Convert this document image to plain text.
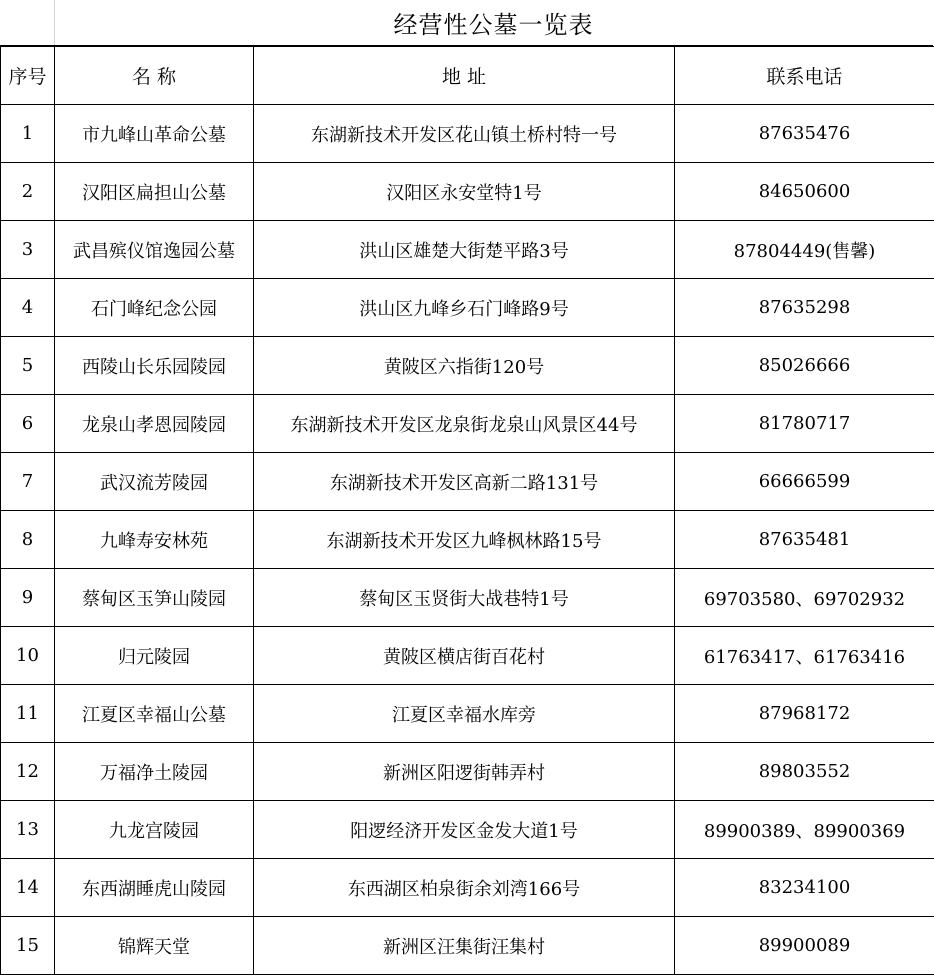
经营性公墓一览表
序号	名 称	地 址	联系电话
1	市九峰山革命公墓	东湖新技术开发区花山镇土桥村特一号	87635476
2	汉阳区扁担山公墓	汉阳区永安堂特1号	84650600
3	武昌殡仪馆逸园公墓	洪山区雄楚大街楚平路3号	87804449(售馨)
4	石门峰纪念公园	洪山区九峰乡石门峰路9号	87635298
5	西陵山长乐园陵园	黄陂区六指街120号	85026666
6	龙泉山孝恩园陵园	东湖新技术开发区龙泉街龙泉山风景区44号	81780717
7	武汉流芳陵园	东湖新技术开发区高新二路131号	66666599
8	九峰寿安林苑	东湖新技术开发区九峰枫林路15号	87635481
9	蔡甸区玉笋山陵园	蔡甸区玉贤街大战巷特1号	69703580、69702932
10	归元陵园	黄陂区横店街百花村	61763417、61763416
11	江夏区幸福山公墓	江夏区幸福水库旁	87968172
12	万福净土陵园	新洲区阳逻街韩弄村	89803552
13	九龙宫陵园	阳逻经济开发区金发大道1号	89900389、89900369
14	东西湖睡虎山陵园	东西湖区柏泉街余刘湾166号	83234100
15	锦辉天堂	新洲区汪集街汪集村	89900089
